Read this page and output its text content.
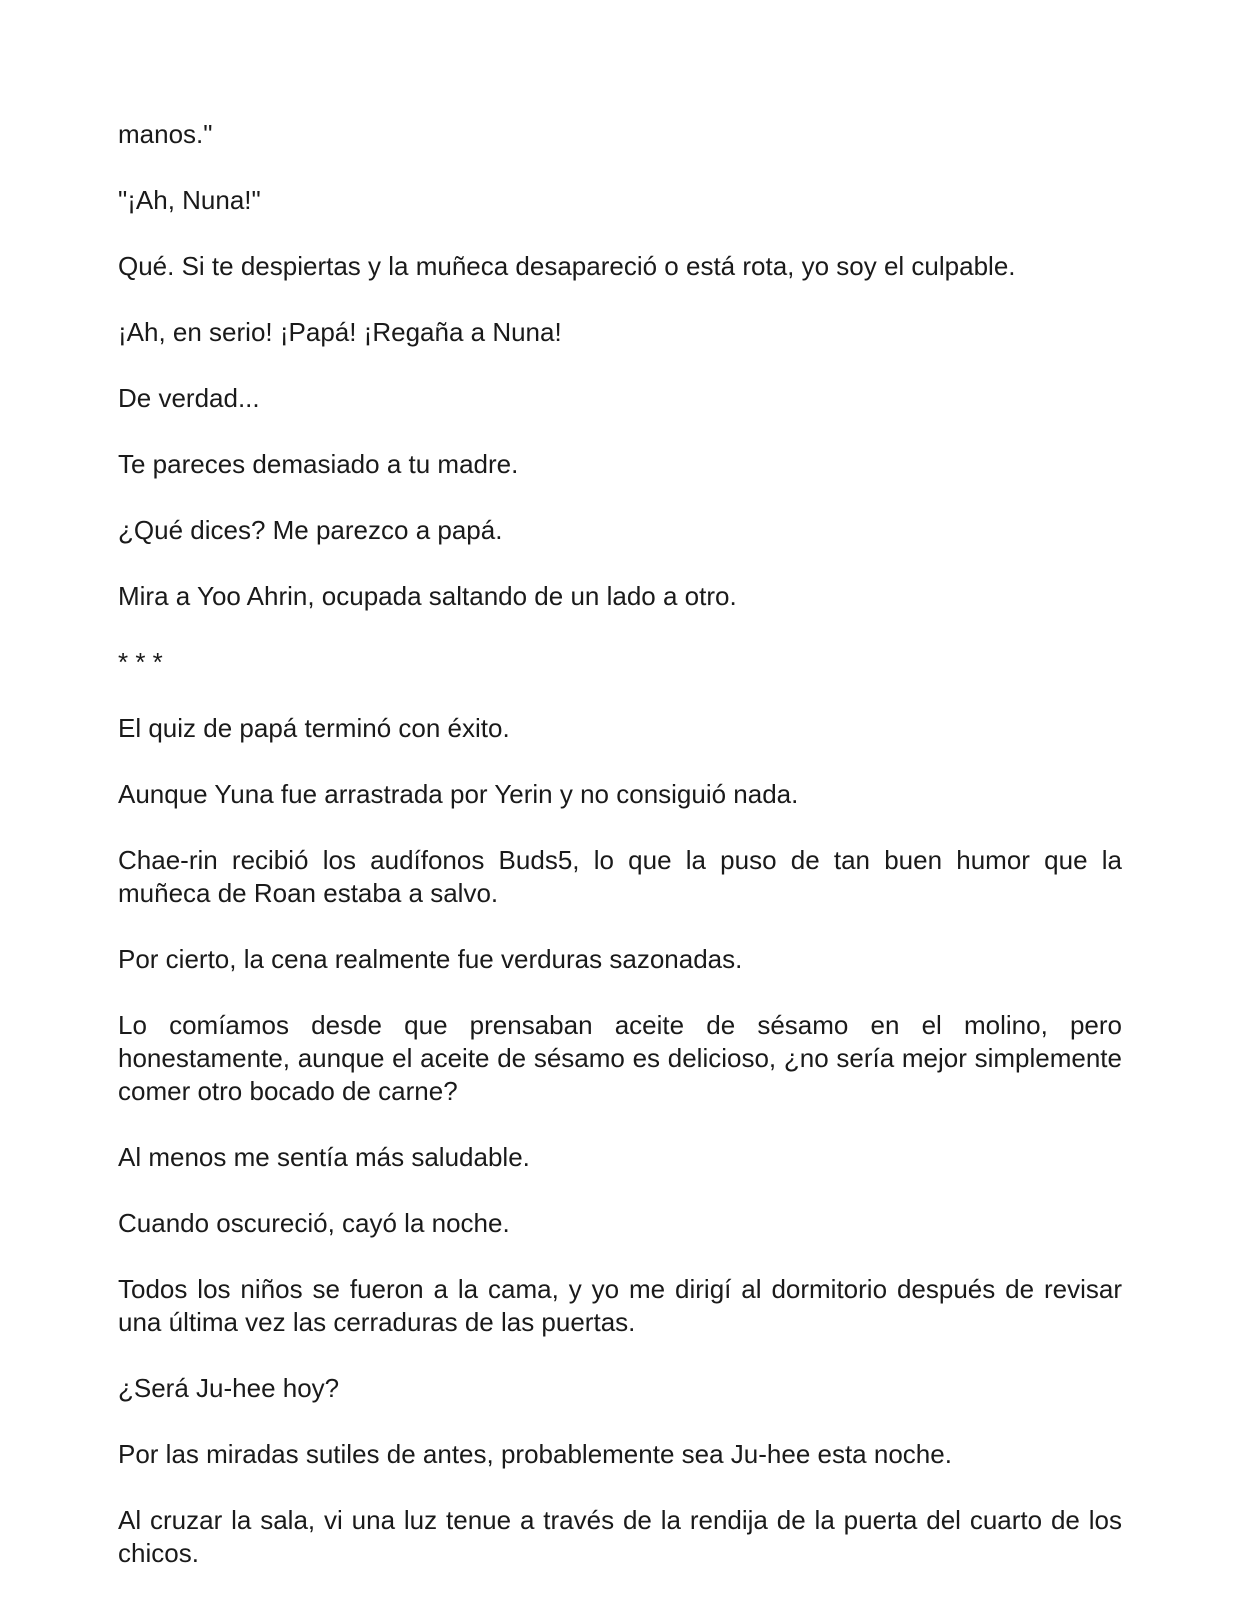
manos."

"¡Ah, Nuna!"

Qué. Si te despiertas y la muñeca desapareció o está rota, yo soy el culpable.

¡Ah, en serio! ¡Papá! ¡Regaña a Nuna!

De verdad...

Te pareces demasiado a tu madre.

¿Qué dices? Me parezco a papá.

Mira a Yoo Ahrin, ocupada saltando de un lado a otro.

* * *

El quiz de papá terminó con éxito.

Aunque Yuna fue arrastrada por Yerin y no consiguió nada.

Chae-rin recibió los audífonos Buds5, lo que la puso de tan buen humor que la muñeca de Roan estaba a salvo.

Por cierto, la cena realmente fue verduras sazonadas.

Lo comíamos desde que prensaban aceite de sésamo en el molino, pero honestamente, aunque el aceite de sésamo es delicioso, ¿no sería mejor simplemente comer otro bocado de carne?

Al menos me sentía más saludable.

Cuando oscureció, cayó la noche.

Todos los niños se fueron a la cama, y yo me dirigí al dormitorio después de revisar una última vez las cerraduras de las puertas.

¿Será Ju-hee hoy?

Por las miradas sutiles de antes, probablemente sea Ju-hee esta noche.

Al cruzar la sala, vi una luz tenue a través de la rendija de la puerta del cuarto de los chicos.
